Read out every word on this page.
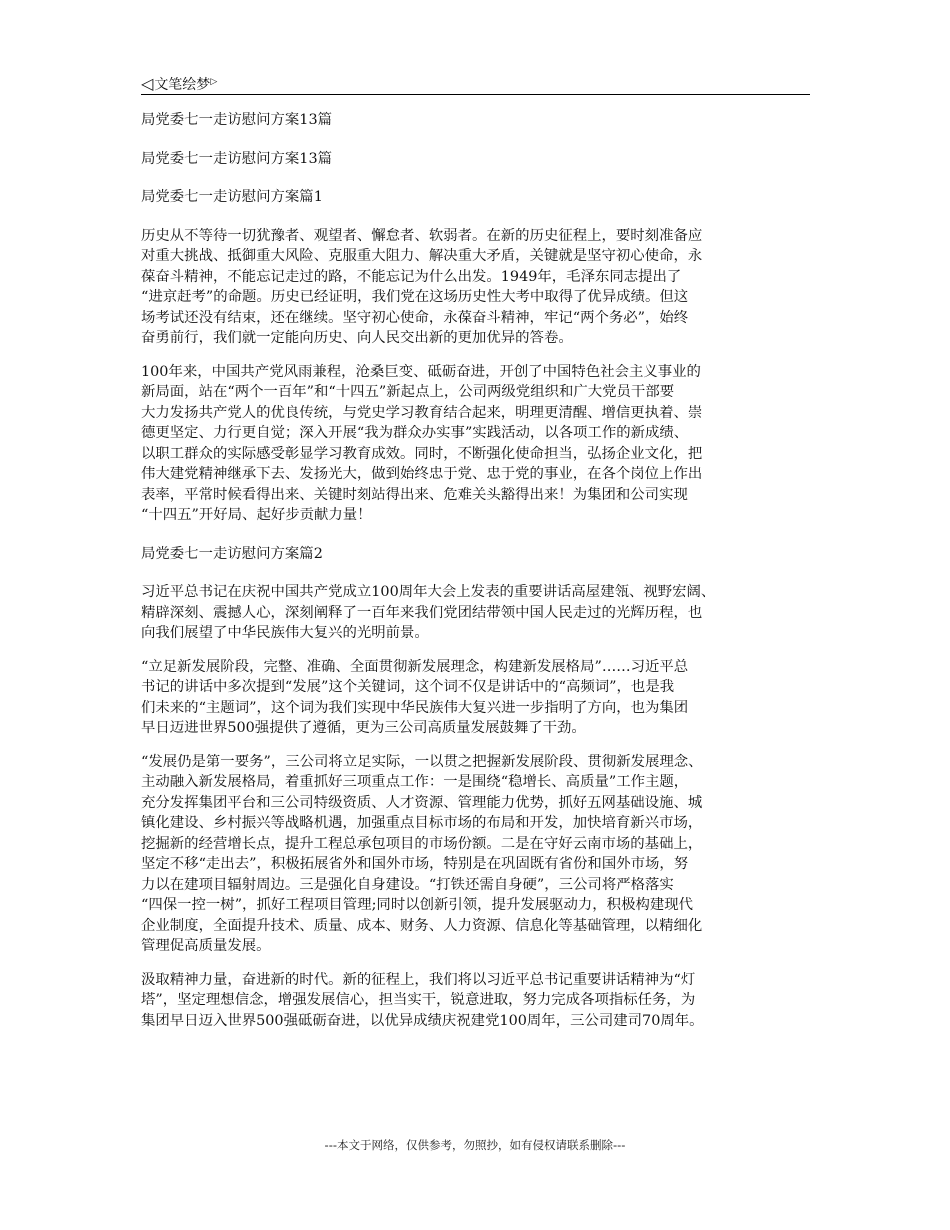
◁文笔绘梦▷

局党委七一走访慰问方案13篇

局党委七一走访慰问方案13篇

局党委七一走访慰问方案篇1

历史从不等待一切犹豫者、观望者、懈怠者、软弱者。在新的历史征程上，要时刻准备应
对重大挑战、抵御重大风险、克服重大阻力、解决重大矛盾，关键就是坚守初心使命，永
葆奋斗精神，不能忘记走过的路，不能忘记为什么出发。1949年，毛泽东同志提出了
“进京赶考”的命题。历史已经证明，我们党在这场历史性大考中取得了优异成绩。但这
场考试还没有结束，还在继续。坚守初心使命，永葆奋斗精神，牢记“两个务必”，始终
奋勇前行，我们就一定能向历史、向人民交出新的更加优异的答卷。

100年来，中国共产党风雨兼程，沧桑巨变、砥砺奋进，开创了中国特色社会主义事业的
新局面，站在“两个一百年”和“十四五”新起点上，公司两级党组织和广大党员干部要
大力发扬共产党人的优良传统，与党史学习教育结合起来，明理更清醒、增信更执着、崇
德更坚定、力行更自觉；深入开展“我为群众办实事”实践活动，以各项工作的新成绩、
以职工群众的实际感受彰显学习教育成效。同时，不断强化使命担当，弘扬企业文化，把
伟大建党精神继承下去、发扬光大，做到始终忠于党、忠于党的事业，在各个岗位上作出
表率，平常时候看得出来、关键时刻站得出来、危难关头豁得出来！为集团和公司实现
“十四五”开好局、起好步贡献力量！

局党委七一走访慰问方案篇2

习近平总书记在庆祝中国共产党成立100周年大会上发表的重要讲话高屋建瓴、视野宏阔、
精辟深刻、震撼人心，深刻阐释了一百年来我们党团结带领中国人民走过的光辉历程，也
向我们展望了中华民族伟大复兴的光明前景。

“立足新发展阶段，完整、准确、全面贯彻新发展理念，构建新发展格局”……习近平总
书记的讲话中多次提到“发展”这个关键词，这个词不仅是讲话中的“高频词”，也是我
们未来的“主题词”，这个词为我们实现中华民族伟大复兴进一步指明了方向，也为集团
早日迈进世界500强提供了遵循，更为三公司高质量发展鼓舞了干劲。

“发展仍是第一要务”，三公司将立足实际，一以贯之把握新发展阶段、贯彻新发展理念、
主动融入新发展格局，着重抓好三项重点工作：一是围绕“稳增长、高质量”工作主题，
充分发挥集团平台和三公司特级资质、人才资源、管理能力优势，抓好五网基础设施、城
镇化建设、乡村振兴等战略机遇，加强重点目标市场的布局和开发，加快培育新兴市场，
挖掘新的经营增长点，提升工程总承包项目的市场份额。二是在守好云南市场的基础上，
坚定不移“走出去”，积极拓展省外和国外市场，特别是在巩固既有省份和国外市场，努
力以在建项目辐射周边。三是强化自身建设。“打铁还需自身硬”，三公司将严格落实
“四保一控一树”，抓好工程项目管理;同时以创新引领，提升发展驱动力，积极构建现代
企业制度，全面提升技术、质量、成本、财务、人力资源、信息化等基础管理，以精细化
管理促高质量发展。

汲取精神力量，奋进新的时代。新的征程上，我们将以习近平总书记重要讲话精神为“灯
塔”，坚定理想信念，增强发展信心，担当实干，锐意进取，努力完成各项指标任务，为
集团早日迈入世界500强砥砺奋进，以优异成绩庆祝建党100周年，三公司建司70周年。

---本文于网络，仅供参考，勿照抄，如有侵权请联系删除---
